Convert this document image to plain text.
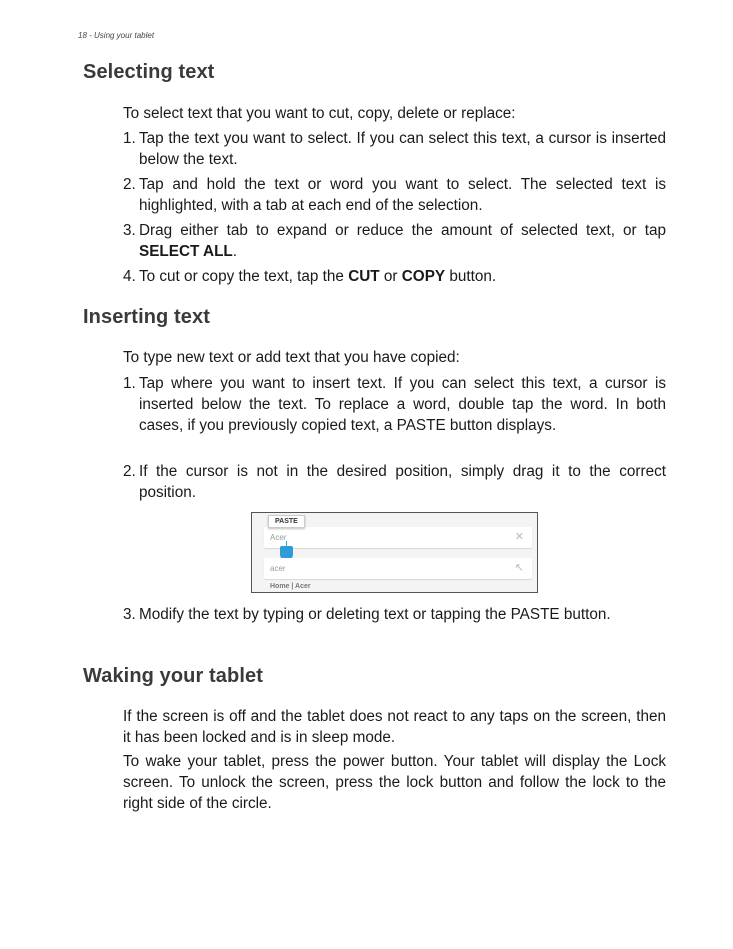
18 - Using your tablet
Selecting text

To select text that you want to cut, copy, delete or replace:

1. Tap the text you want to select. If you can select this text, a cursor is inserted below the text.
2. Tap and hold the text or word you want to select. The selected text is highlighted, with a tab at each end of the selection.
3. Drag either tab to expand or reduce the amount of selected text, or tap SELECT ALL.
4. To cut or copy the text, tap the CUT or COPY button.
Inserting text

To type new text or add text that you have copied:

1. Tap where you want to insert text. If you can select this text, a cursor is inserted below the text. To replace a word, double tap the word. In both cases, if you previously copied text, a PASTE button displays.
2. If the cursor is not in the desired position, simply drag it to the correct position.
Acer	✕
PASTE
acer	↖
Home | Acer
3. Modify the text by typing or deleting text or tapping the PASTE button.
Waking your tablet

If the screen is off and the tablet does not react to any taps on the screen, then it has been locked and is in sleep mode.

To wake your tablet, press the power button. Your tablet will display the Lock screen. To unlock the screen, press the lock button and follow the lock to the right side of the circle.
